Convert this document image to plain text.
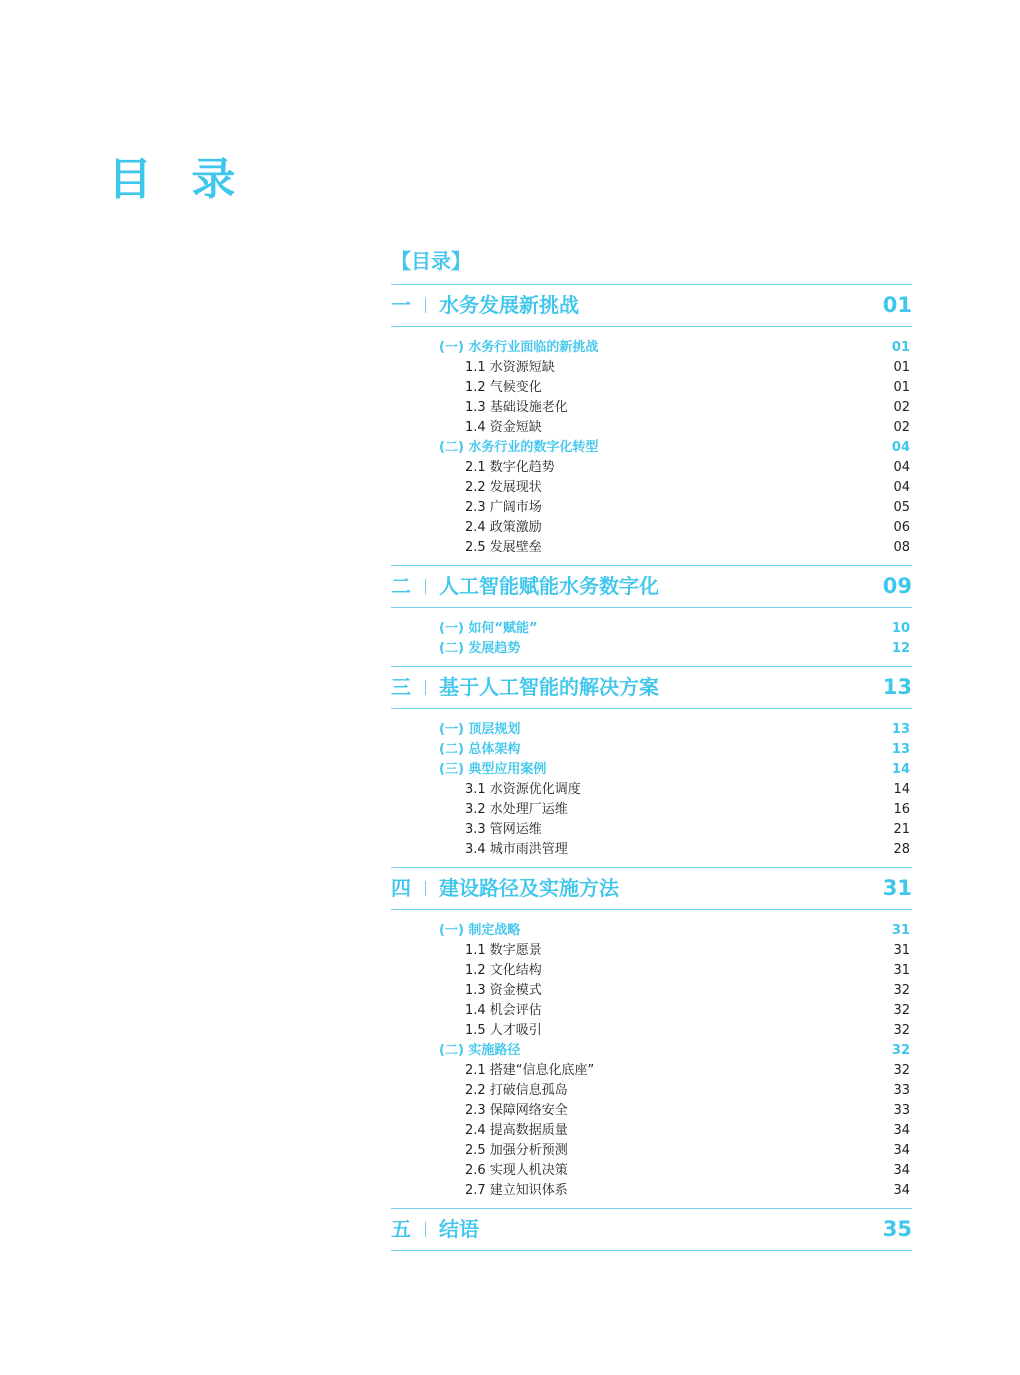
目 录
【目录】
一 水务发展新挑战	01
(一) 水务行业面临的新挑战	01
1.1 水资源短缺	01
1.2 气候变化	01
1.3 基础设施老化	02
1.4 资金短缺	02
(二) 水务行业的数字化转型	04
2.1 数字化趋势	04
2.2 发展现状	04
2.3 广阔市场	05
2.4 政策激励	06
2.5 发展壁垒	08
二 人工智能赋能水务数字化	09
(一) 如何“赋能”	10
(二) 发展趋势	12
三 基于人工智能的解决方案	13
(一) 顶层规划	13
(二) 总体架构	13
(三) 典型应用案例	14
3.1 水资源优化调度	14
3.2 水处理厂运维	16
3.3 管网运维	21
3.4 城市雨洪管理	28
四 建设路径及实施方法	31
(一) 制定战略	31
1.1 数字愿景	31
1.2 文化结构	31
1.3 资金模式	32
1.4 机会评估	32
1.5 人才吸引	32
(二) 实施路径	32
2.1 搭建“信息化底座”	32
2.2 打破信息孤岛	33
2.3 保障网络安全	33
2.4 提高数据质量	34
2.5 加强分析预测	34
2.6 实现人机决策	34
2.7 建立知识体系	34
五 结语	35
